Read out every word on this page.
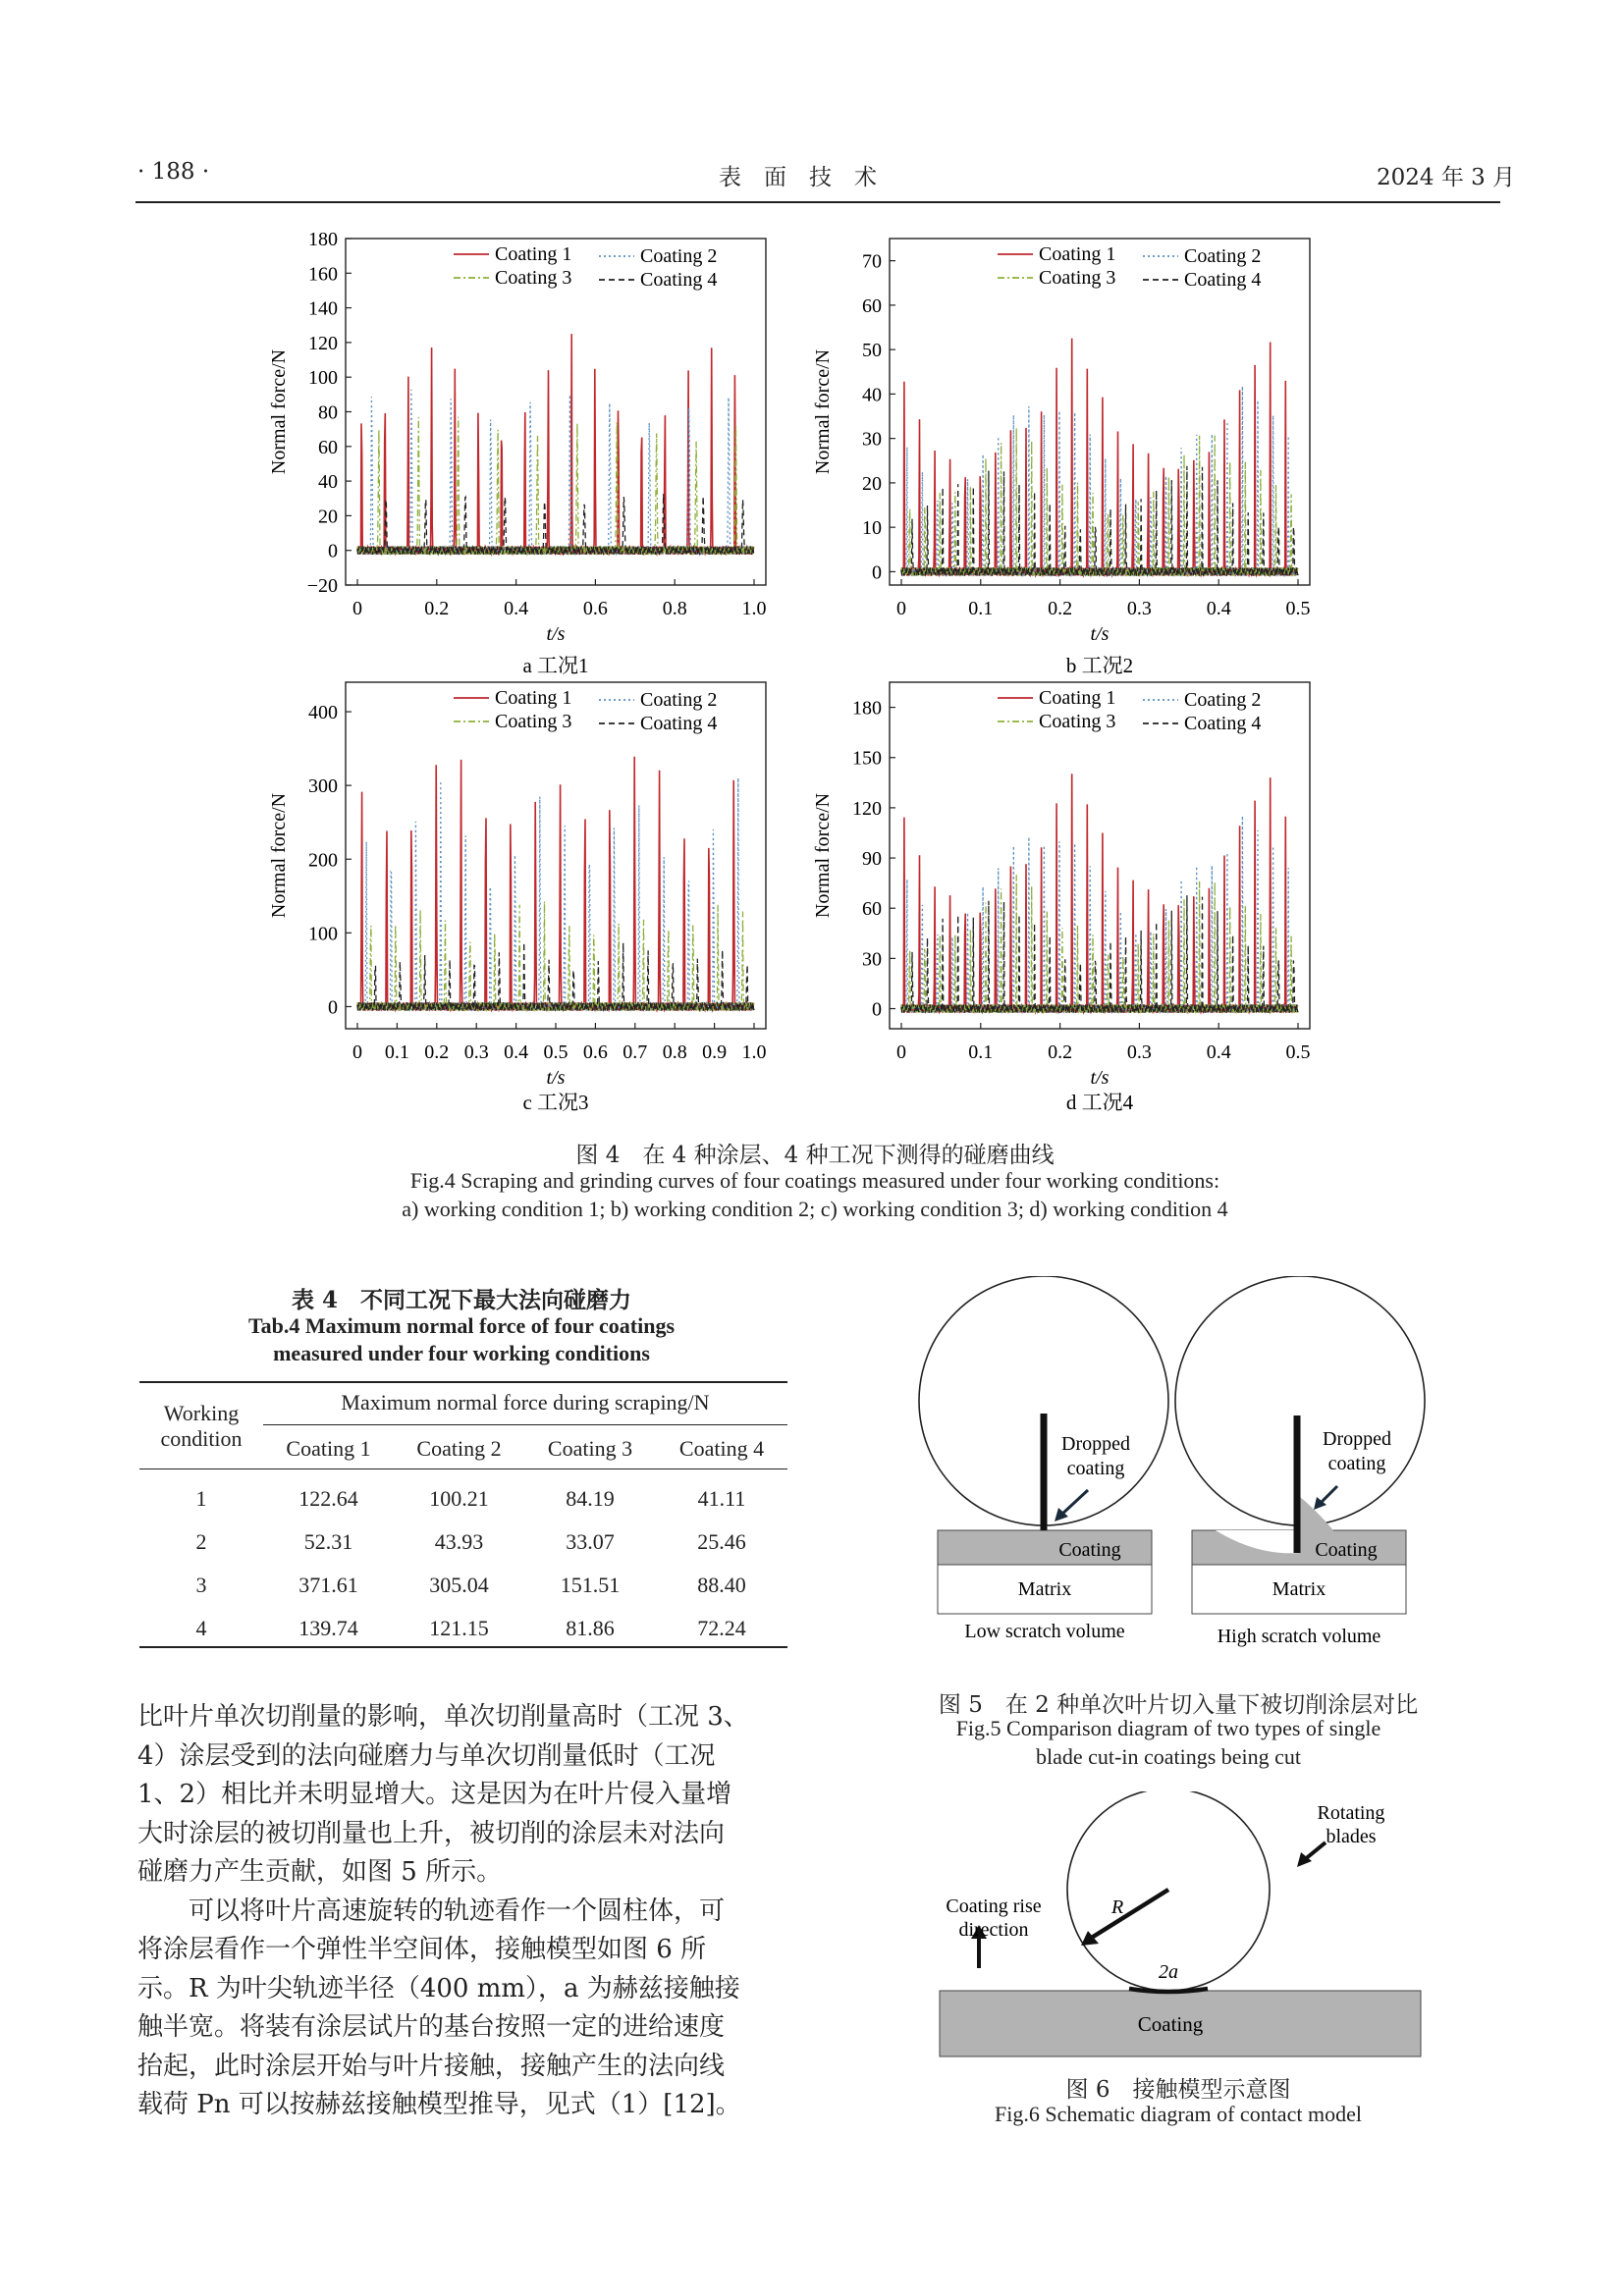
· 188 ·	表　面　技　术	2024 年 3 月
−20
0
20
40
60
80
100
120
140
160
180
0	0.2	0.4	0.6	0.8	1.0
Normal force/N
t/s
Coating 1	Coating 2
Coating 3	Coating 4
a 工况1
0
10
20
30
40
50
60
70
0	0.1	0.2	0.3	0.4	0.5
Normal force/N
t/s
Coating 1	Coating 2
Coating 3	Coating 4
b 工况2
0
100
200
300
400
0 0.1 0.2 0.3 0.4 0.5 0.6 0.7 0.8 0.9 1.0
Normal force/N
t/s
Coating 1	Coating 2
Coating 3	Coating 4
c 工况3
0
30
60
90
120
150
180
0	0.1	0.2	0.3	0.4	0.5
Normal force/N
t/s
Coating 1	Coating 2
Coating 3	Coating 4
d 工况4
图 4　在 4 种涂层、4 种工况下测得的碰磨曲线
Fig.4 Scraping and grinding curves of four coatings measured under four working conditions:
a) working condition 1; b) working condition 2; c) working condition 3; d) working condition 4
表 4　不同工况下最大法向碰磨力
Tab.4 Maximum normal force of four coatings
measured under four working conditions
Working
condition
Maximum normal force during scraping/N
	Coating 1	Coating 2	Coating 3	Coating 4

1	122.64	100.21	84.19	41.11
2	52.31	43.93	33.07	25.46
3	371.61	305.04	151.51	88.40
4	139.74	121.15	81.86	72.24

比叶片单次切削量的影响，单次切削量高时（工况 3、

4）涂层受到的法向碰磨力与单次切削量低时（工况

1、2）相比并未明显增大。这是因为在叶片侵入量增

大时涂层的被切削量也上升，被切削的涂层未对法向

碰磨力产生贡献，如图 5 所示。

　　可以将叶片高速旋转的轨迹看作一个圆柱体，可

将涂层看作一个弹性半空间体，接触模型如图 6 所

示。R 为叶尖轨迹半径（400 mm），a 为赫兹接触接

触半宽。将装有涂层试片的基台按照一定的进给速度

抬起，此时涂层开始与叶片接触，接触产生的法向线

载荷 Pn 可以按赫兹接触模型推导，见式（1）[12]。

Dropped
coating
Coating
Matrix
Low scratch volume
Dropped
coating
Coating
Matrix
High scratch volume
图 5　在 2 种单次叶片切入量下被切削涂层对比
Fig.5 Comparison diagram of two types of single
blade cut-in coatings being cut
Rotating
blades
Coating rise
direction
R
2a
Coating
图 6　接触模型示意图
Fig.6 Schematic diagram of contact model
